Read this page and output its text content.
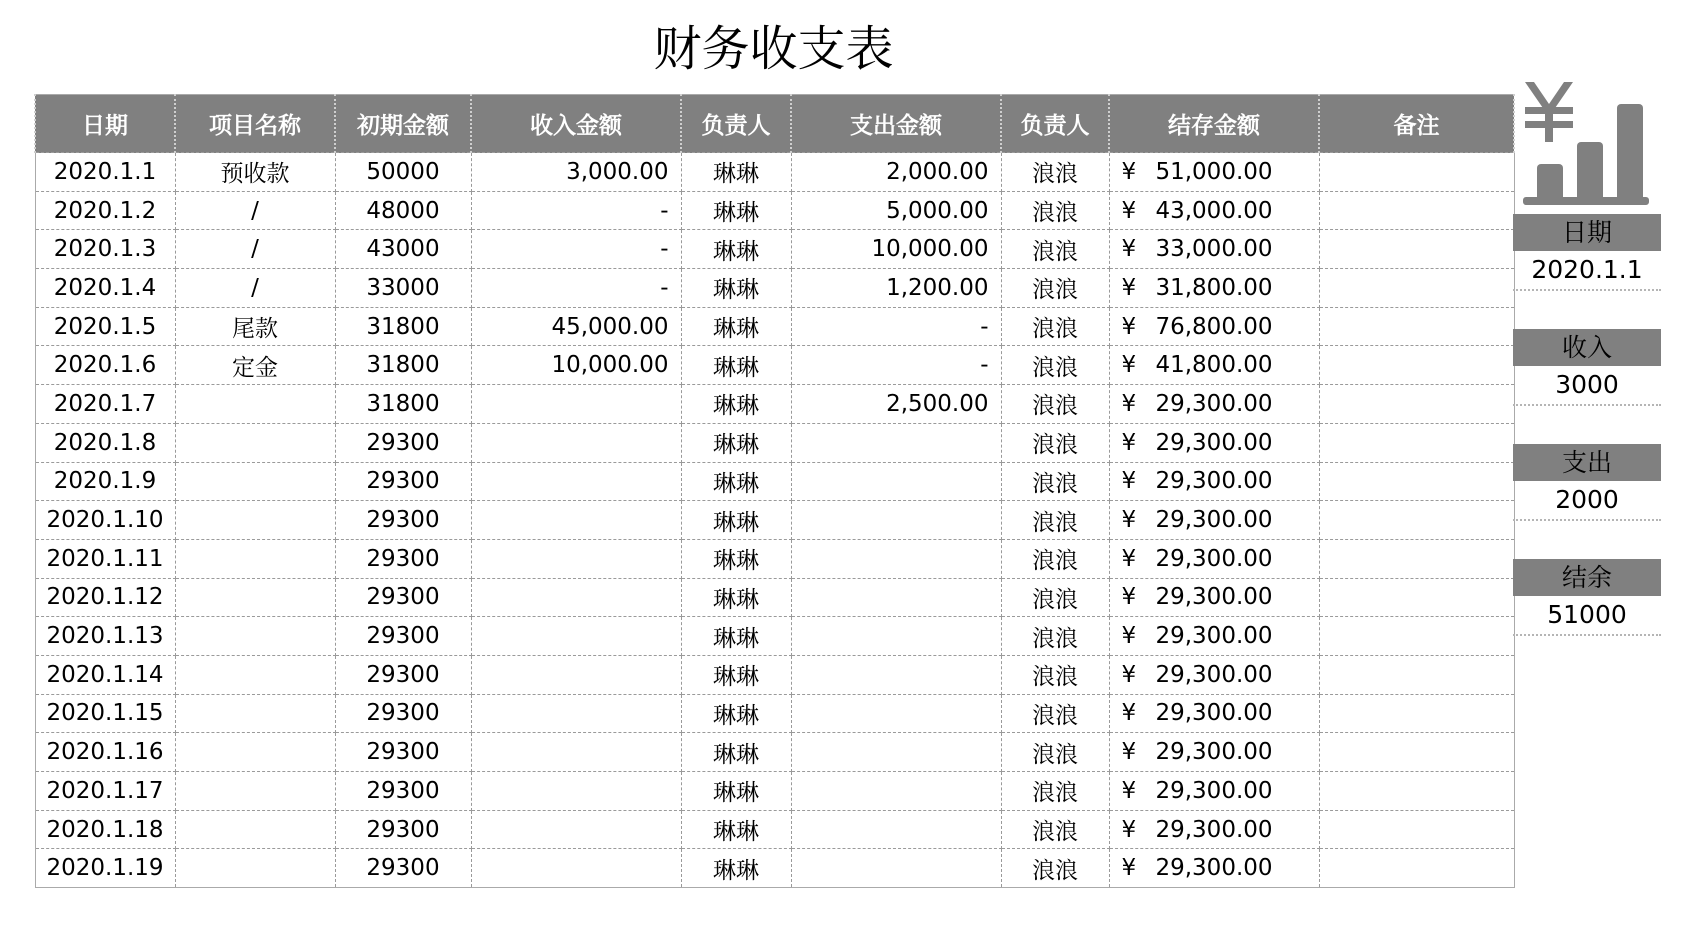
财务收支表
日期	项目名称	初期金额	收入金额	负责人	支出金额	负责人	结存金额	备注
2020.1.1	预收款	50000	3,000.00	琳琳	2,000.00	浪浪	¥ 51,000.00	
2020.1.2	/	48000	-	琳琳	5,000.00	浪浪	¥ 43,000.00	
2020.1.3	/	43000	-	琳琳	10,000.00	浪浪	¥ 33,000.00	
2020.1.4	/	33000	-	琳琳	1,200.00	浪浪	¥ 31,800.00	
2020.1.5	尾款	31800	45,000.00	琳琳	-	浪浪	¥ 76,800.00	
2020.1.6	定金	31800	10,000.00	琳琳	-	浪浪	¥ 41,800.00	
2020.1.7		31800		琳琳	2,500.00	浪浪	¥ 29,300.00	
2020.1.8		29300		琳琳		浪浪	¥ 29,300.00	
2020.1.9		29300		琳琳		浪浪	¥ 29,300.00	
2020.1.10		29300		琳琳		浪浪	¥ 29,300.00	
2020.1.11		29300		琳琳		浪浪	¥ 29,300.00	
2020.1.12		29300		琳琳		浪浪	¥ 29,300.00	
2020.1.13		29300		琳琳		浪浪	¥ 29,300.00	
2020.1.14		29300		琳琳		浪浪	¥ 29,300.00	
2020.1.15		29300		琳琳		浪浪	¥ 29,300.00	
2020.1.16		29300		琳琳		浪浪	¥ 29,300.00	
2020.1.17		29300		琳琳		浪浪	¥ 29,300.00	
2020.1.18		29300		琳琳		浪浪	¥ 29,300.00	
2020.1.19		29300		琳琳		浪浪	¥ 29,300.00	
日期
2020.1.1
收入
3000
支出
2000
结余
51000
